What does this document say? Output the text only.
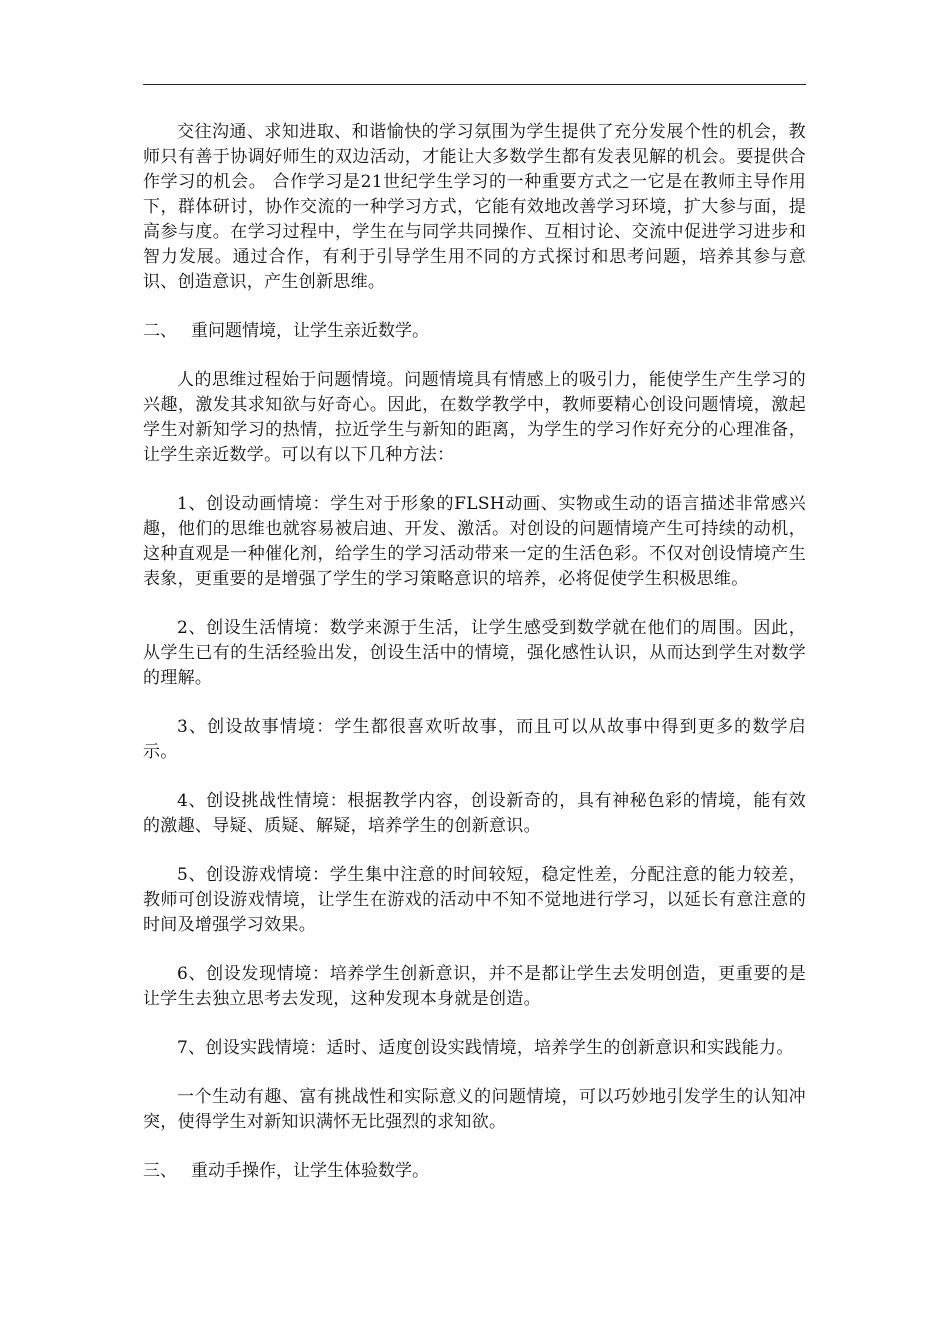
交往沟通、求知进取、和谐愉快的学习氛围为学生提供了充分发展个性的机会，教师只有善于协调好师生的双边活动，才能让大多数学生都有发表见解的机会。要提供合作学习的机会。 合作学习是21世纪学生学习的一种重要方式之一它是在教师主导作用下，群体研讨，协作交流的一种学习方式，它能有效地改善学习环境，扩大参与面，提高参与度。在学习过程中，学生在与同学共同操作、互相讨论、交流中促进学习进步和智力发展。通过合作，有利于引导学生用不同的方式探讨和思考问题，培养其参与意识、创造意识，产生创新思维。

二、 重问题情境，让学生亲近数学。

人的思维过程始于问题情境。问题情境具有情感上的吸引力，能使学生产生学习的兴趣，激发其求知欲与好奇心。因此，在数学教学中，教师要精心创设问题情境，激起学生对新知学习的热情，拉近学生与新知的距离，为学生的学习作好充分的心理准备，让学生亲近数学。可以有以下几种方法：

1、创设动画情境：学生对于形象的FLSH动画、实物或生动的语言描述非常感兴趣，他们的思维也就容易被启迪、开发、激活。对创设的问题情境产生可持续的动机，这种直观是一种催化剂，给学生的学习活动带来一定的生活色彩。不仅对创设情境产生表象，更重要的是增强了学生的学习策略意识的培养，必将促使学生积极思维。

2、创设生活情境：数学来源于生活，让学生感受到数学就在他们的周围。因此，从学生已有的生活经验出发，创设生活中的情境，强化感性认识，从而达到学生对数学的理解。

3、创设故事情境：学生都很喜欢听故事，而且可以从故事中得到更多的数学启示。

4、创设挑战性情境：根据教学内容，创设新奇的，具有神秘色彩的情境，能有效的激趣、导疑、质疑、解疑，培养学生的创新意识。

5、创设游戏情境：学生集中注意的时间较短，稳定性差，分配注意的能力较差，教师可创设游戏情境，让学生在游戏的活动中不知不觉地进行学习，以延长有意注意的时间及增强学习效果。

6、创设发现情境：培养学生创新意识，并不是都让学生去发明创造，更重要的是让学生去独立思考去发现，这种发现本身就是创造。

7、创设实践情境：适时、适度创设实践情境，培养学生的创新意识和实践能力。

一个生动有趣、富有挑战性和实际意义的问题情境，可以巧妙地引发学生的认知冲突，使得学生对新知识满怀无比强烈的求知欲。

三、 重动手操作，让学生体验数学。
